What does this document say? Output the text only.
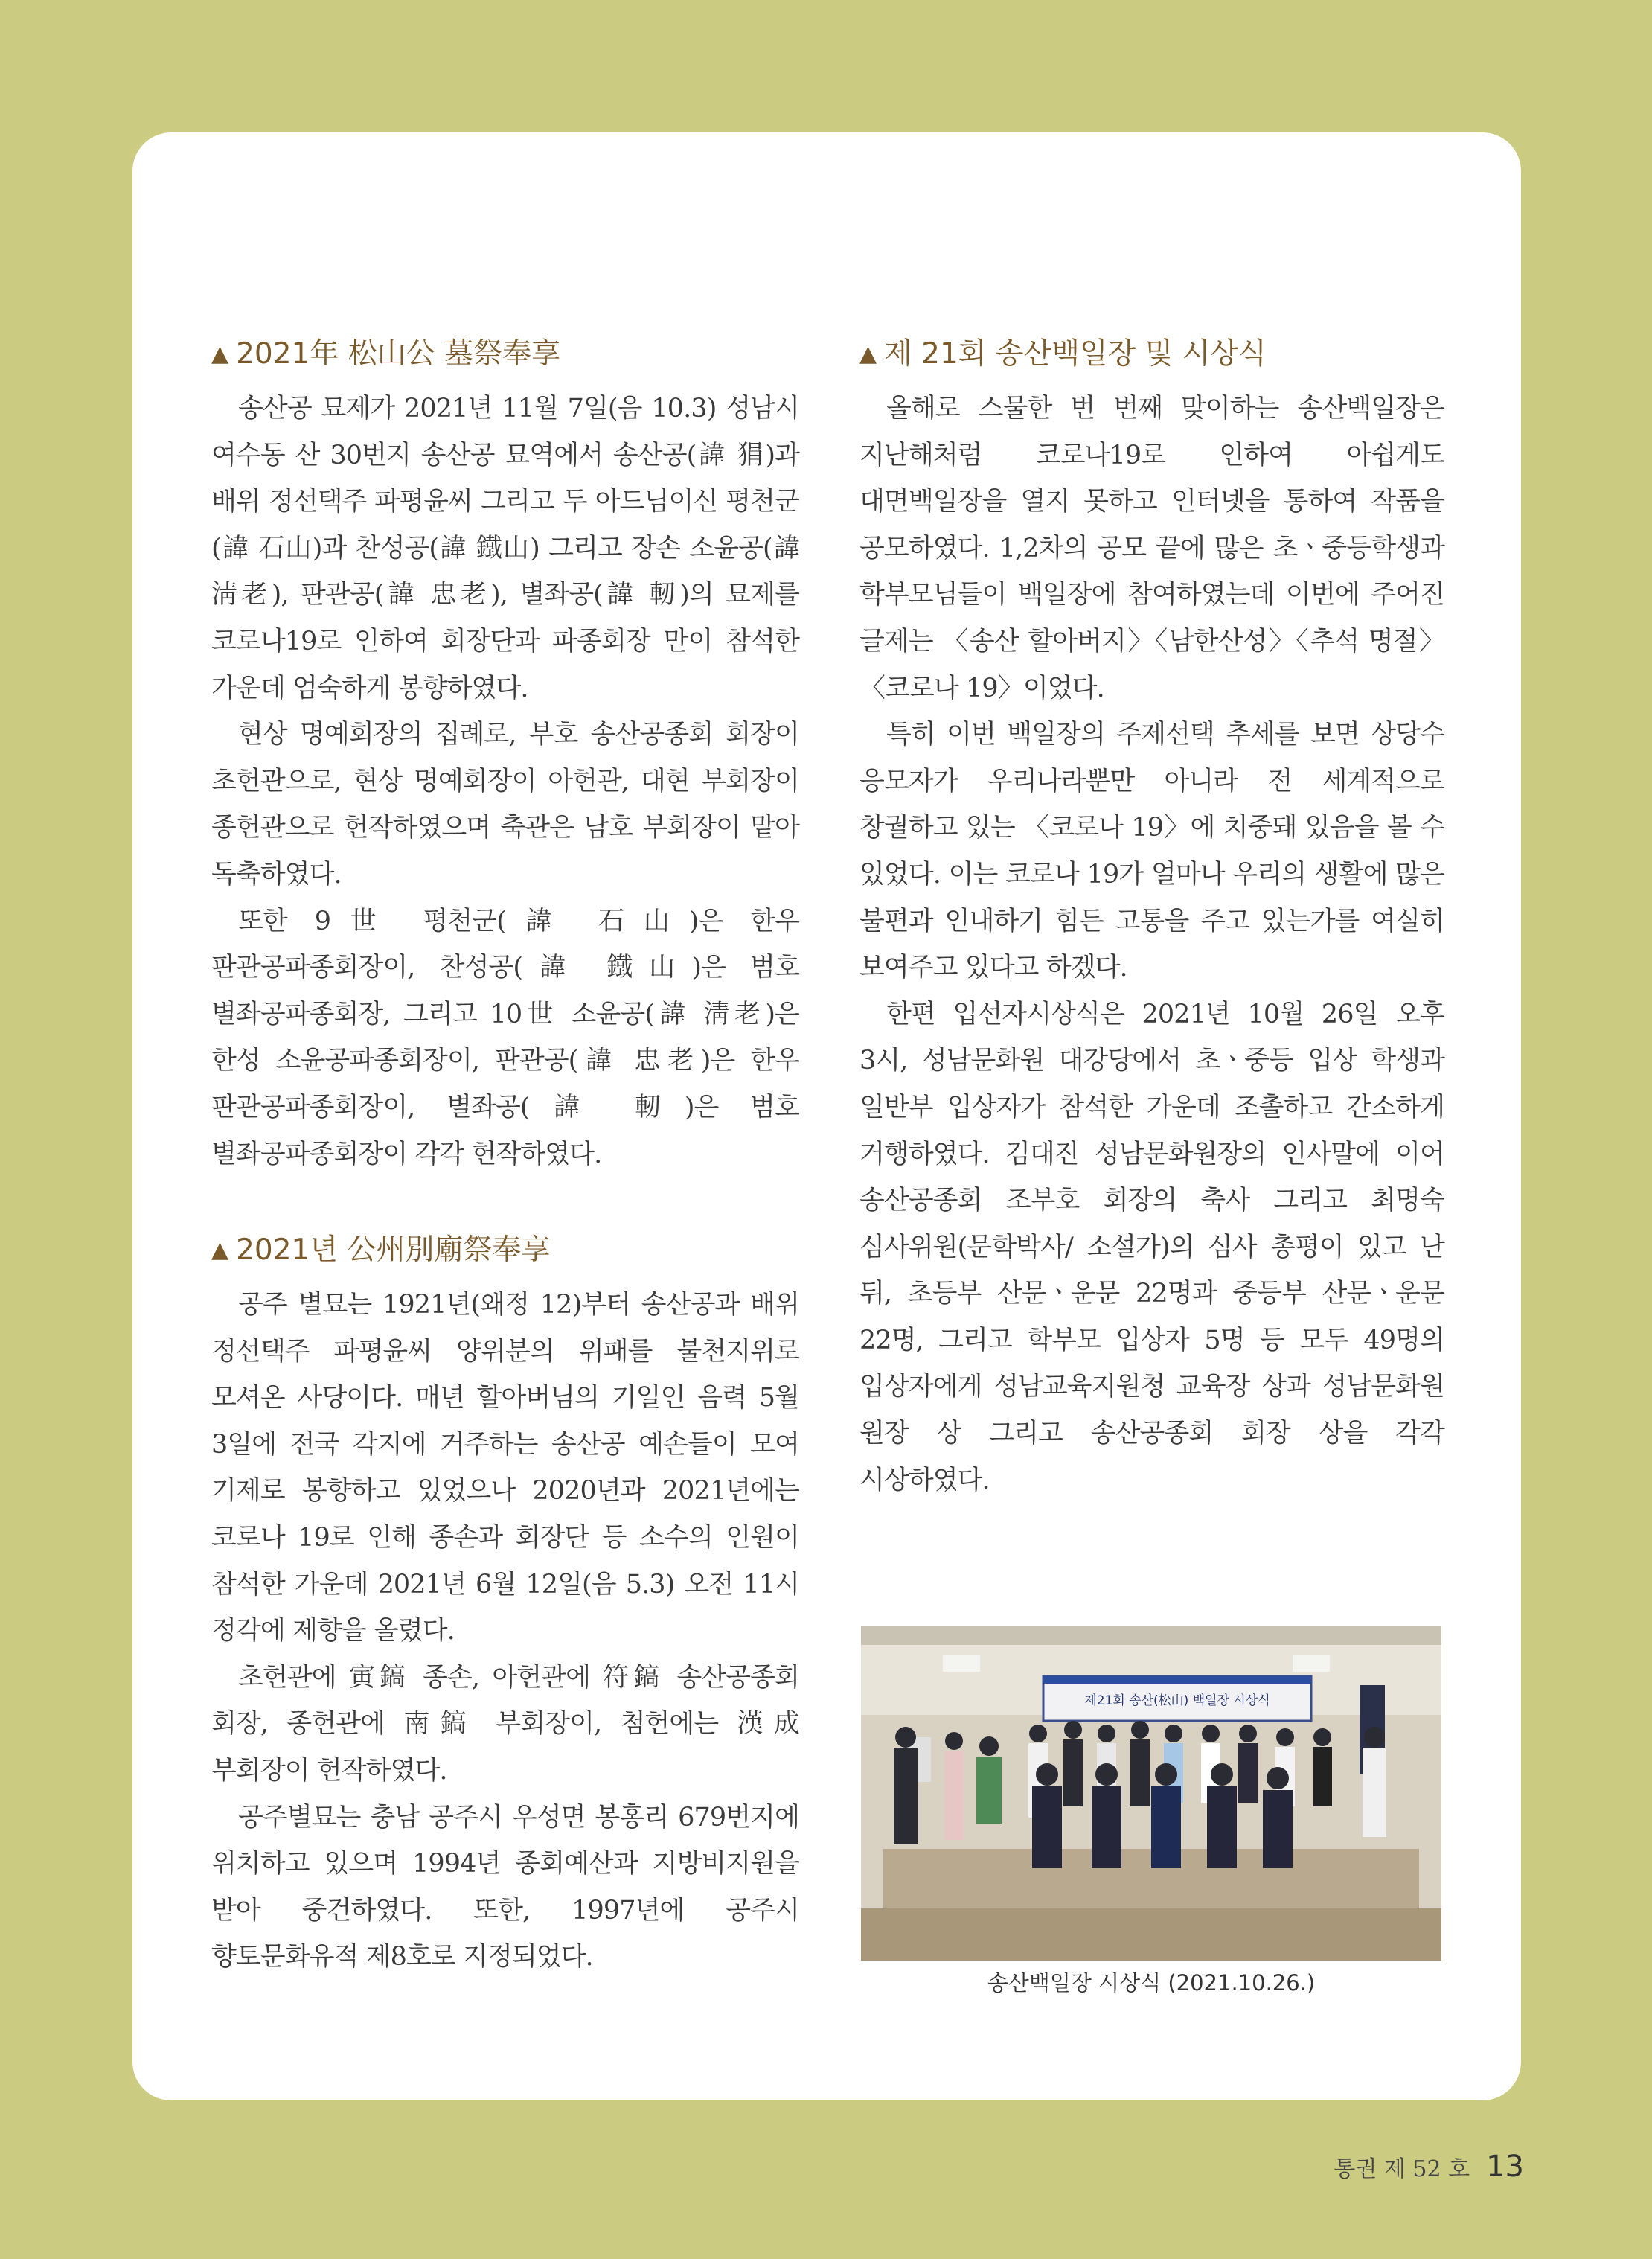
▲ 2021年 松山公 墓祭奉享

송산공 묘제가 2021년 11월 7일(음 10.3) 성남시 여수동 산 30번지 송산공 묘역에서 송산공(諱 狷)과 배위 정선택주 파평윤씨 그리고 두 아드님이신 평천군(諱 石山)과 찬성공(諱 鐵山) 그리고 장손 소윤공(諱 淸老), 판관공(諱 忠老), 별좌공(諱 軔)의 묘제를 코로나19로 인하여 회장단과 파종회장 만이 참석한 가운데 엄숙하게 봉향하였다.

현상 명예회장의 집례로, 부호 송산공종회 회장이 초헌관으로, 현상 명예회장이 아헌관, 대현 부회장이 종헌관으로 헌작하였으며 축관은 남호 부회장이 맡아 독축하였다.

또한 9世 평천군(諱 石山)은 한우 판관공파종회장이, 찬성공(諱 鐵山)은 범호 별좌공파종회장, 그리고 10世 소윤공(諱 淸老)은 한성 소윤공파종회장이, 판관공(諱 忠老)은 한우 판관공파종회장이, 별좌공(諱 軔)은 범호 별좌공파종회장이 각각 헌작하였다.

▲ 2021년 公州別廟祭奉享

공주 별묘는 1921년(왜정 12)부터 송산공과 배위 정선택주 파평윤씨 양위분의 위패를 불천지위로 모셔온 사당이다. 매년 할아버님의 기일인 음력 5월 3일에 전국 각지에 거주하는 송산공 예손들이 모여 기제로 봉향하고 있었으나 2020년과 2021년에는 코로나 19로 인해 종손과 회장단 등 소수의 인원이 참석한 가운데 2021년 6월 12일(음 5.3) 오전 11시 정각에 제향을 올렸다.

초헌관에 寅鎬 종손, 아헌관에 符鎬 송산공종회 회장, 종헌관에 南鎬 부회장이, 첨헌에는 漢成 부회장이 헌작하였다.

공주별묘는 충남 공주시 우성면 봉홍리 679번지에 위치하고 있으며 1994년 종회예산과 지방비지원을 받아 중건하였다. 또한, 1997년에 공주시 향토문화유적 제8호로 지정되었다.

▲ 제 21회 송산백일장 및 시상식

올해로 스물한 번 번째 맞이하는 송산백일장은 지난해처럼 코로나19로 인하여 아쉽게도 대면백일장을 열지 못하고 인터넷을 통하여 작품을 공모하였다. 1,2차의 공모 끝에 많은 초ㆍ중등학생과 학부모님들이 백일장에 참여하였는데 이번에 주어진 글제는 〈송산 할아버지〉〈남한산성〉〈추석 명절〉〈코로나 19〉이었다.

특히 이번 백일장의 주제선택 추세를 보면 상당수 응모자가 우리나라뿐만 아니라 전 세계적으로 창궐하고 있는 〈코로나 19〉에 치중돼 있음을 볼 수 있었다. 이는 코로나 19가 얼마나 우리의 생활에 많은 불편과 인내하기 힘든 고통을 주고 있는가를 여실히 보여주고 있다고 하겠다.

한편 입선자시상식은 2021년 10월 26일 오후 3시, 성남문화원 대강당에서 초ㆍ중등 입상 학생과 일반부 입상자가 참석한 가운데 조촐하고 간소하게 거행하였다. 김대진 성남문화원장의 인사말에 이어 송산공종회 조부호 회장의 축사 그리고 최명숙 심사위원(문학박사/ 소설가)의 심사 총평이 있고 난 뒤, 초등부 산문ㆍ운문 22명과 중등부 산문ㆍ운문 22명, 그리고 학부모 입상자 5명 등 모두 49명의 입상자에게 성남교육지원청 교육장 상과 성남문화원 원장 상 그리고 송산공종회 회장 상을 각각 시상하였다.

제21회 송산(松山) 백일장 시상식
송산백일장 시상식 (2021.10.26.)
통권 제 52 호 13
